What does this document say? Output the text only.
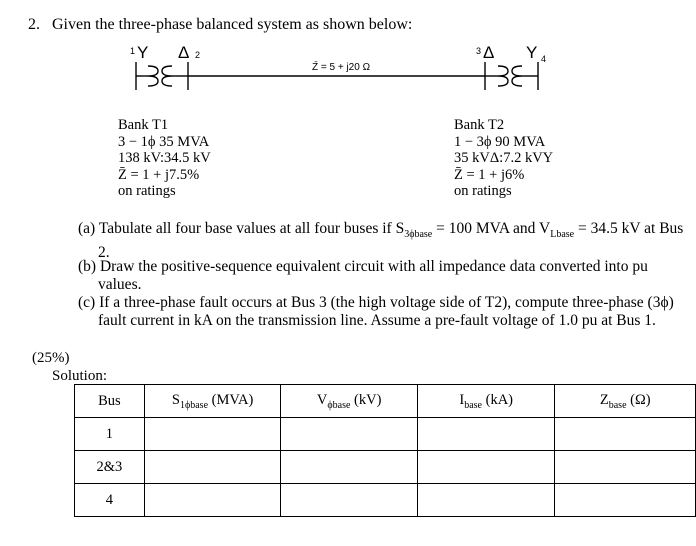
2. Given the three-phase balanced system as shown below:
1 Y Δ 2
Z̄ = 5 + j20 Ω
3 Δ Y 4
Bank T1
3 − 1ϕ 35 MVA
138 kV:34.5 kV
Z̄ = 1 + j7.5%
on ratings
Bank T2
1 − 3ϕ 90 MVA
35 kVΔ:7.2 kVY
Z̄ = 1 + j6%
on ratings
(a) Tabulate all four base values at all four buses if $S_{3\phi base} = 100$ MVA and $V_{Lbase} = 34.5$ kV at Bus 2.
(b) Draw the positive-sequence equivalent circuit with all impedance data converted into pu values.
(c) If a three-phase fault occurs at Bus 3 (the high voltage side of T2), compute three-phase (3ϕ) fault current in kA on the transmission line. Assume a pre-fault voltage of 1.0 pu at Bus 1.
(25%)
Solution:
Bus	$S_{1\phi base}$ (MVA)	$V_{\phi base}$ (kV)	$I_{base}$ (kA)	$Z_{base}$ (Ω)
1				
2&3				
4				
